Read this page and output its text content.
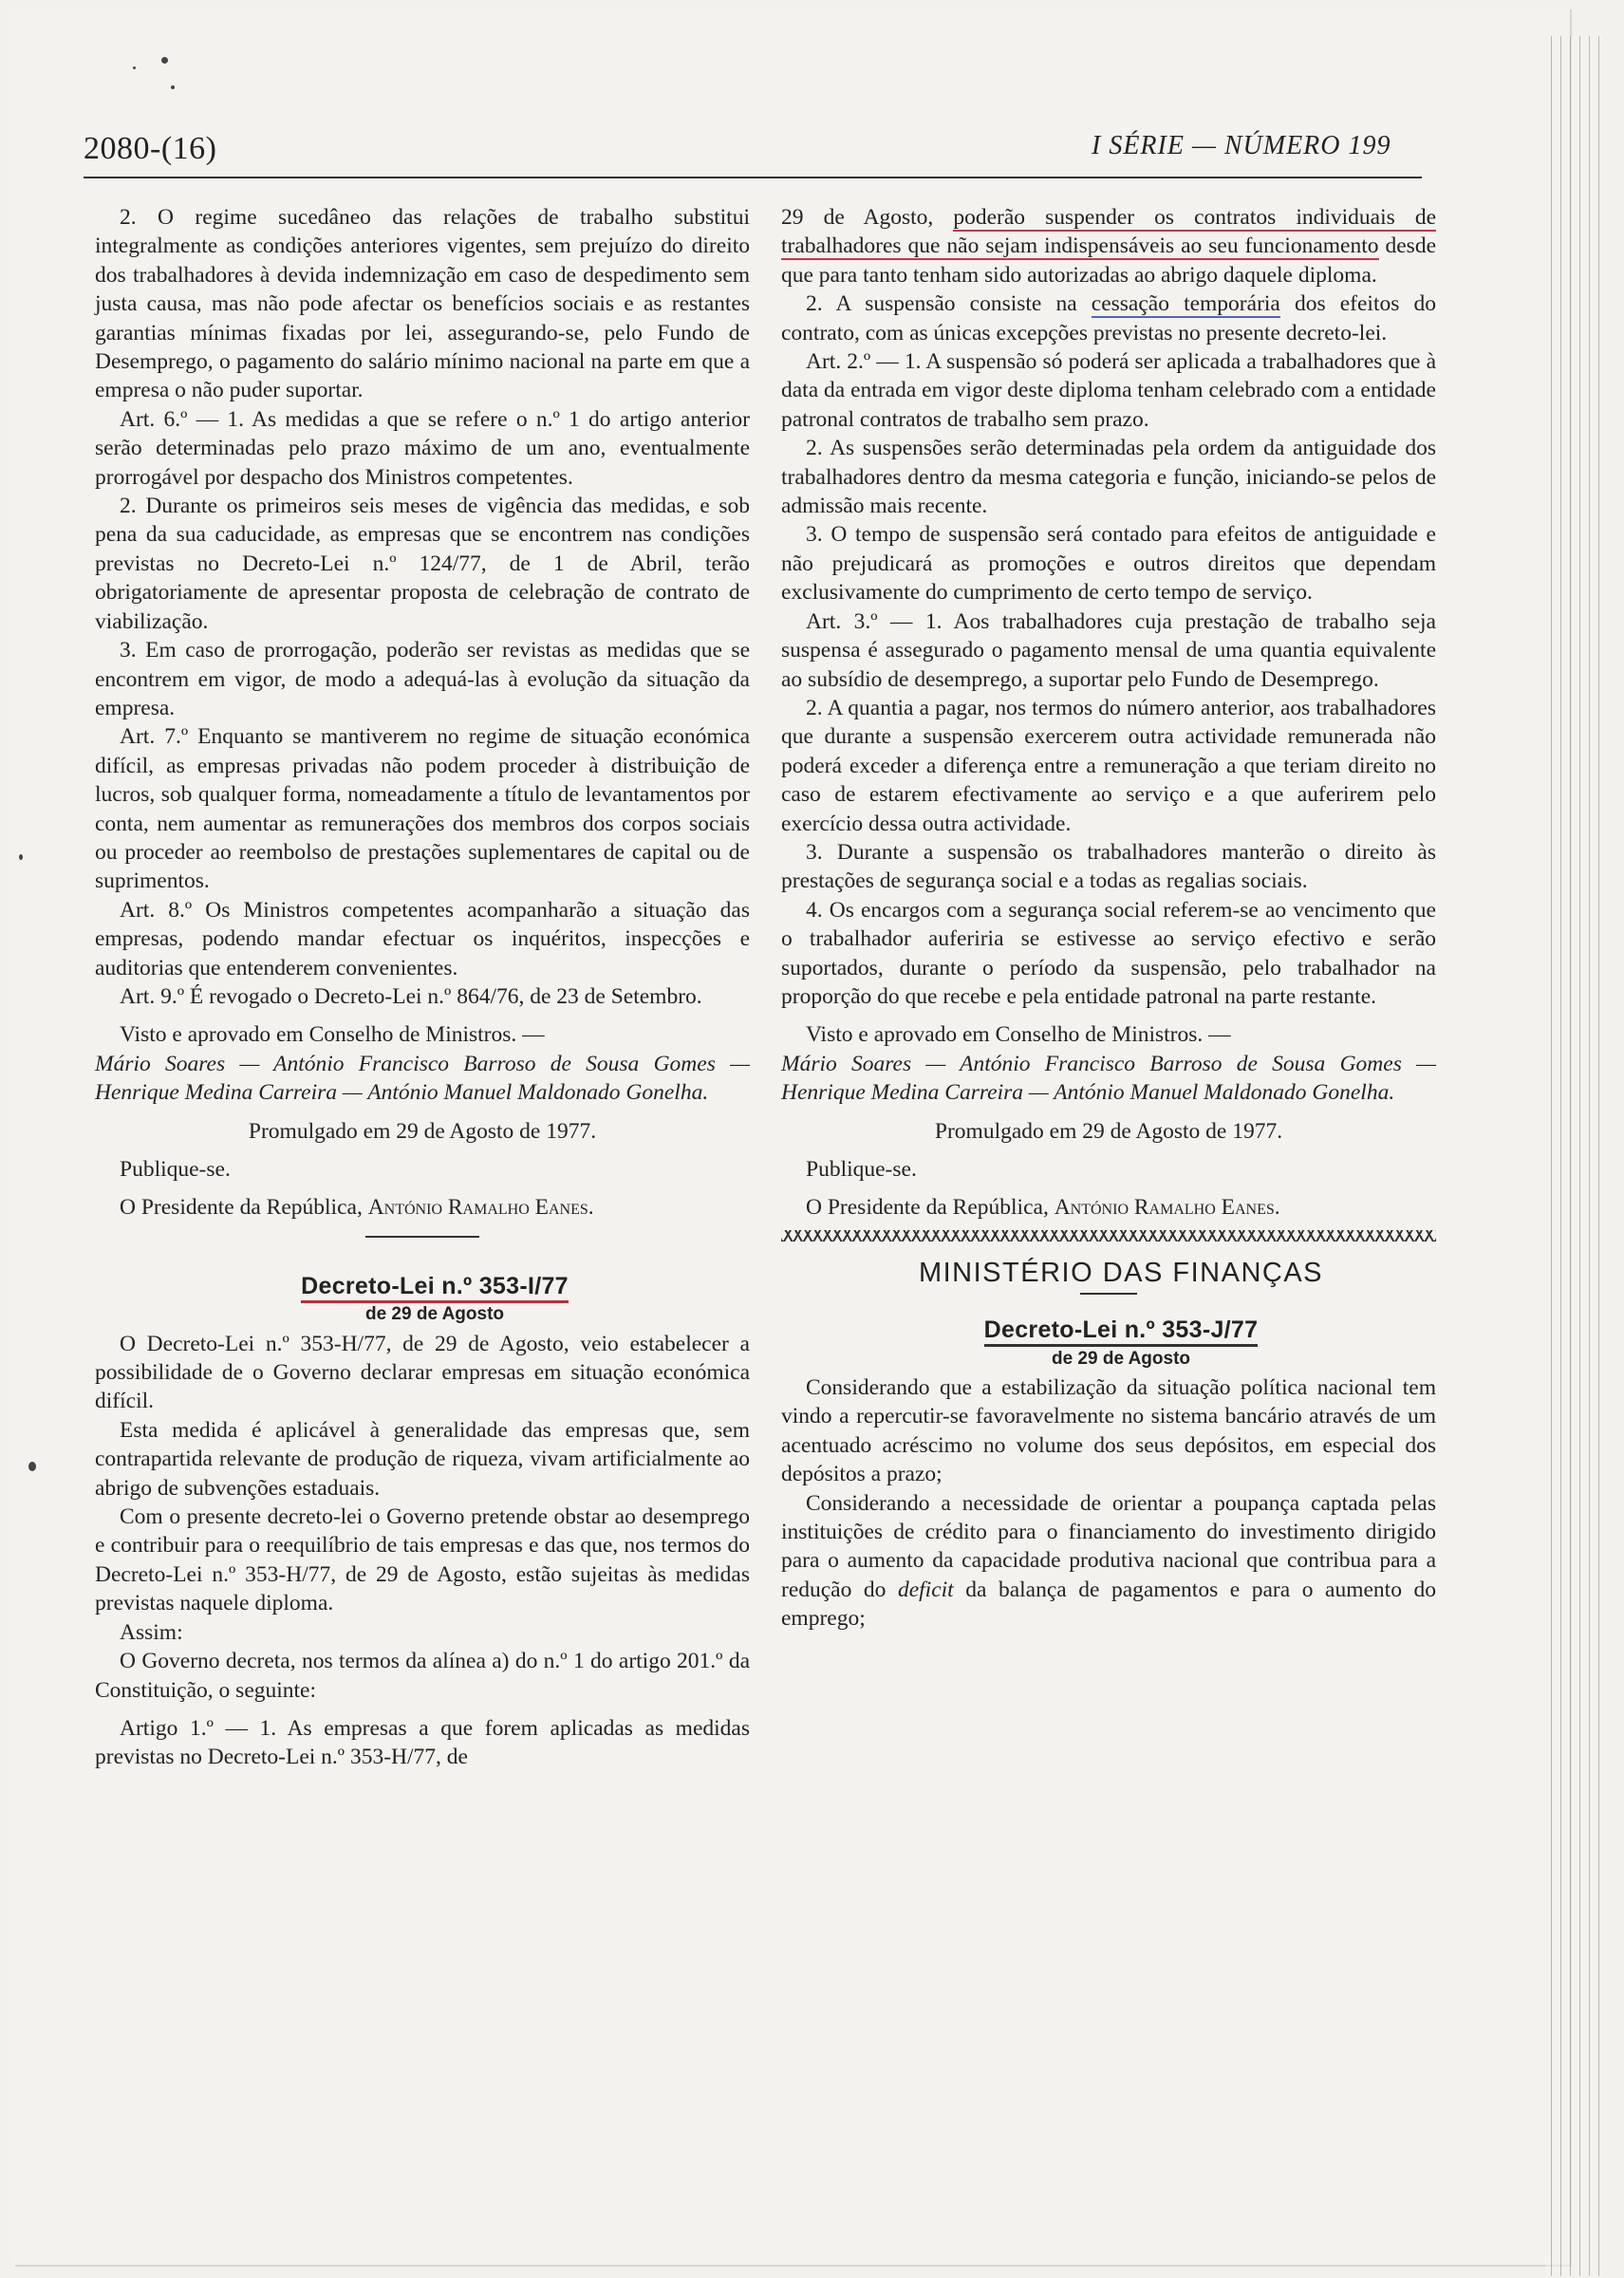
2080-(16)	I SÉRIE — NÚMERO 199

2. O regime sucedâneo das relações de trabalho substitui integralmente as condições anteriores vigentes, sem prejuízo do direito dos trabalhadores à devida indemnização em caso de despedimento sem justa causa, mas não pode afectar os benefícios sociais e as restantes garantias mínimas fixadas por lei, assegurando-se, pelo Fundo de Desemprego, o pagamento do salário mínimo nacional na parte em que a empresa o não puder suportar.

Art. 6.º — 1. As medidas a que se refere o n.º 1 do artigo anterior serão determinadas pelo prazo máximo de um ano, eventualmente prorrogável por despacho dos Ministros competentes.

2. Durante os primeiros seis meses de vigência das medidas, e sob pena da sua caducidade, as empresas que se encontrem nas condições previstas no Decreto-Lei n.º 124/77, de 1 de Abril, terão obrigatoriamente de apresentar proposta de celebração de contrato de viabilização.

3. Em caso de prorrogação, poderão ser revistas as medidas que se encontrem em vigor, de modo a adequá-las à evolução da situação da empresa.

Art. 7.º Enquanto se mantiverem no regime de situação económica difícil, as empresas privadas não podem proceder à distribuição de lucros, sob qualquer forma, nomeadamente a título de levantamentos por conta, nem aumentar as remunerações dos membros dos corpos sociais ou proceder ao reembolso de prestações suplementares de capital ou de suprimentos.

Art. 8.º Os Ministros competentes acompanharão a situação das empresas, podendo mandar efectuar os inquéritos, inspecções e auditorias que entenderem convenientes.

Art. 9.º É revogado o Decreto-Lei n.º 864/76, de 23 de Setembro.

Visto e aprovado em Conselho de Ministros. —

Mário Soares — António Francisco Barroso de Sousa Gomes — Henrique Medina Carreira — António Manuel Maldonado Gonelha.

Promulgado em 29 de Agosto de 1977.

Publique-se.

O Presidente da República, António Ramalho Eanes.

Decreto-Lei n.º 353-I/77

de 29 de Agosto

O Decreto-Lei n.º 353-H/77, de 29 de Agosto, veio estabelecer a possibilidade de o Governo declarar empresas em situação económica difícil.

Esta medida é aplicável à generalidade das empresas que, sem contrapartida relevante de produção de riqueza, vivam artificialmente ao abrigo de subvenções estaduais.

Com o presente decreto-lei o Governo pretende obstar ao desemprego e contribuir para o reequilíbrio de tais empresas e das que, nos termos do Decreto-Lei n.º 353-H/77, de 29 de Agosto, estão sujeitas às medidas previstas naquele diploma.

Assim:

O Governo decreta, nos termos da alínea a) do n.º 1 do artigo 201.º da Constituição, o seguinte:

Artigo 1.º — 1. As empresas a que forem aplicadas as medidas previstas no Decreto-Lei n.º 353-H/77, de

29 de Agosto, poderão suspender os contratos individuais de trabalhadores que não sejam indispensáveis ao seu funcionamento desde que para tanto tenham sido autorizadas ao abrigo daquele diploma.

2. A suspensão consiste na cessação temporária dos efeitos do contrato, com as únicas excepções previstas no presente decreto-lei.

Art. 2.º — 1. A suspensão só poderá ser aplicada a trabalhadores que à data da entrada em vigor deste diploma tenham celebrado com a entidade patronal contratos de trabalho sem prazo.

2. As suspensões serão determinadas pela ordem da antiguidade dos trabalhadores dentro da mesma categoria e função, iniciando-se pelos de admissão mais recente.

3. O tempo de suspensão será contado para efeitos de antiguidade e não prejudicará as promoções e outros direitos que dependam exclusivamente do cumprimento de certo tempo de serviço.

Art. 3.º — 1. Aos trabalhadores cuja prestação de trabalho seja suspensa é assegurado o pagamento mensal de uma quantia equivalente ao subsídio de desemprego, a suportar pelo Fundo de Desemprego.

2. A quantia a pagar, nos termos do número anterior, aos trabalhadores que durante a suspensão exercerem outra actividade remunerada não poderá exceder a diferença entre a remuneração a que teriam direito no caso de estarem efectivamente ao serviço e a que auferirem pelo exercício dessa outra actividade.

3. Durante a suspensão os trabalhadores manterão o direito às prestações de segurança social e a todas as regalias sociais.

4. Os encargos com a segurança social referem-se ao vencimento que o trabalhador auferiria se estivesse ao serviço efectivo e serão suportados, durante o período da suspensão, pelo trabalhador na proporção do que recebe e pela entidade patronal na parte restante.

Visto e aprovado em Conselho de Ministros. —

Mário Soares — António Francisco Barroso de Sousa Gomes — Henrique Medina Carreira — António Manuel Maldonado Gonelha.

Promulgado em 29 de Agosto de 1977.

Publique-se.

O Presidente da República, António Ramalho Eanes.

MINISTÉRIO DAS FINANÇAS

Decreto-Lei n.º 353-J/77

de 29 de Agosto

Considerando que a estabilização da situação política nacional tem vindo a repercutir-se favoravelmente no sistema bancário através de um acentuado acréscimo no volume dos seus depósitos, em especial dos depósitos a prazo;

Considerando a necessidade de orientar a poupança captada pelas instituições de crédito para o financiamento do investimento dirigido para o aumento da capacidade produtiva nacional que contribua para a redução do deficit da balança de pagamentos e para o aumento do emprego;
